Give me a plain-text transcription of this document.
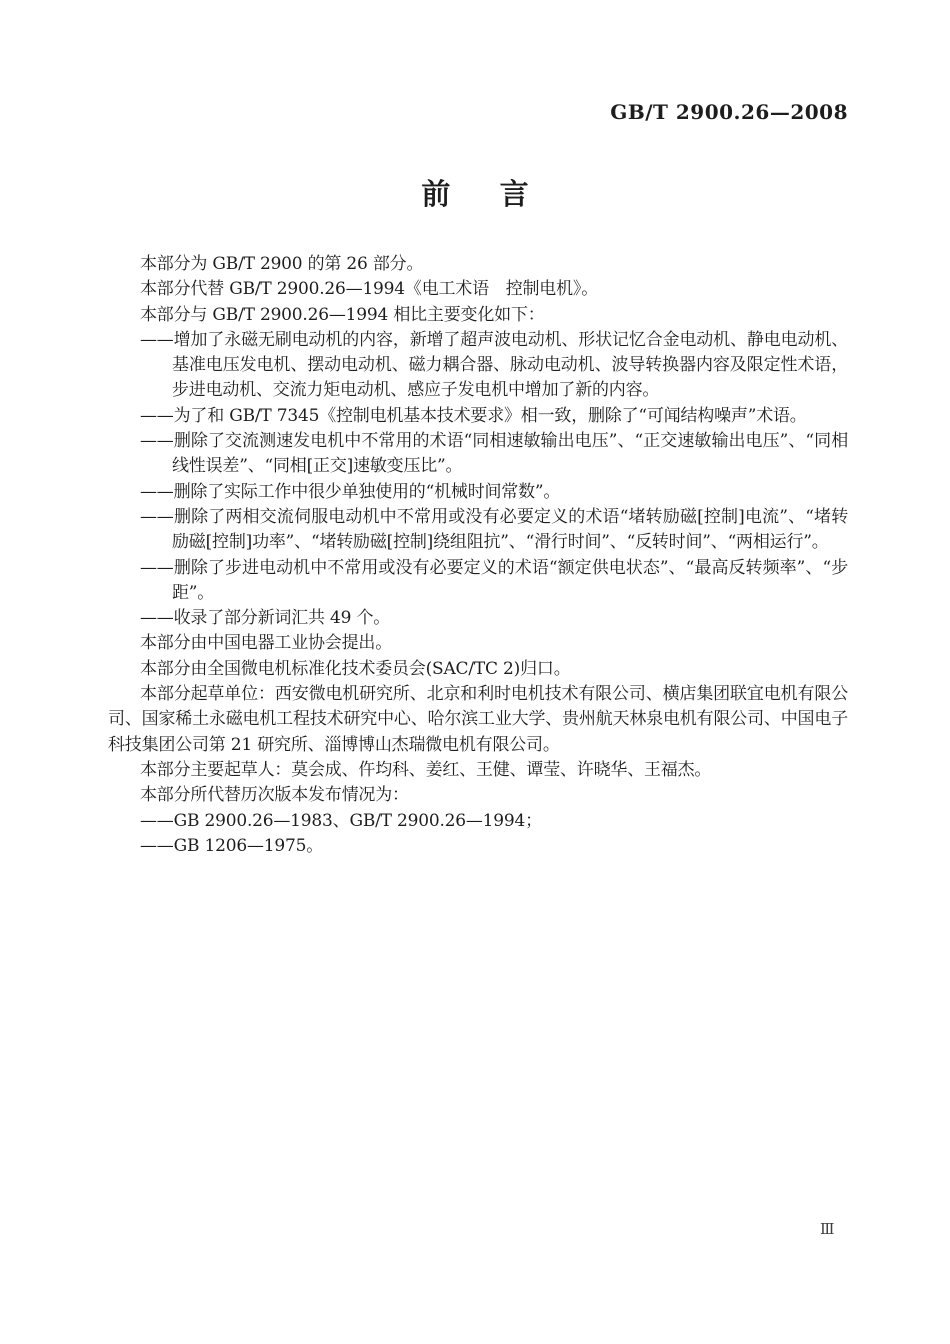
GB/T 2900.26—2008
前言

本部分为 GB/T 2900 的第 26 部分。

本部分代替 GB/T 2900.26—1994《电工术语　控制电机》。

本部分与 GB/T 2900.26—1994 相比主要变化如下：

——增加了永磁无刷电动机的内容，新增了超声波电动机、形状记忆合金电动机、静电电动机、基准电压发电机、摆动电动机、磁力耦合器、脉动电动机、波导转换器内容及限定性术语，步进电动机、交流力矩电动机、感应子发电机中增加了新的内容。

——为了和 GB/T 7345《控制电机基本技术要求》相一致，删除了“可闻结构噪声”术语。

——删除了交流测速发电机中不常用的术语“同相速敏输出电压”、“正交速敏输出电压”、“同相线性误差”、“同相[正交]速敏变压比”。

——删除了实际工作中很少单独使用的“机械时间常数”。

——删除了两相交流伺服电动机中不常用或没有必要定义的术语“堵转励磁[控制]电流”、“堵转励磁[控制]功率”、“堵转励磁[控制]绕组阻抗”、“滑行时间”、“反转时间”、“两相运行”。

——删除了步进电动机中不常用或没有必要定义的术语“额定供电状态”、“最高反转频率”、“步距”。

——收录了部分新词汇共 49 个。

本部分由中国电器工业协会提出。

本部分由全国微电机标准化技术委员会(SAC/TC 2)归口。

本部分起草单位：西安微电机研究所、北京和利时电机技术有限公司、横店集团联宜电机有限公司、国家稀土永磁电机工程技术研究中心、哈尔滨工业大学、贵州航天林泉电机有限公司、中国电子科技集团公司第 21 研究所、淄博博山杰瑞微电机有限公司。

本部分主要起草人：莫会成、仵均科、姜红、王健、谭莹、许晓华、王福杰。

本部分所代替历次版本发布情况为：

——GB 2900.26—1983、GB/T 2900.26—1994；

——GB 1206—1975。

Ⅲ
